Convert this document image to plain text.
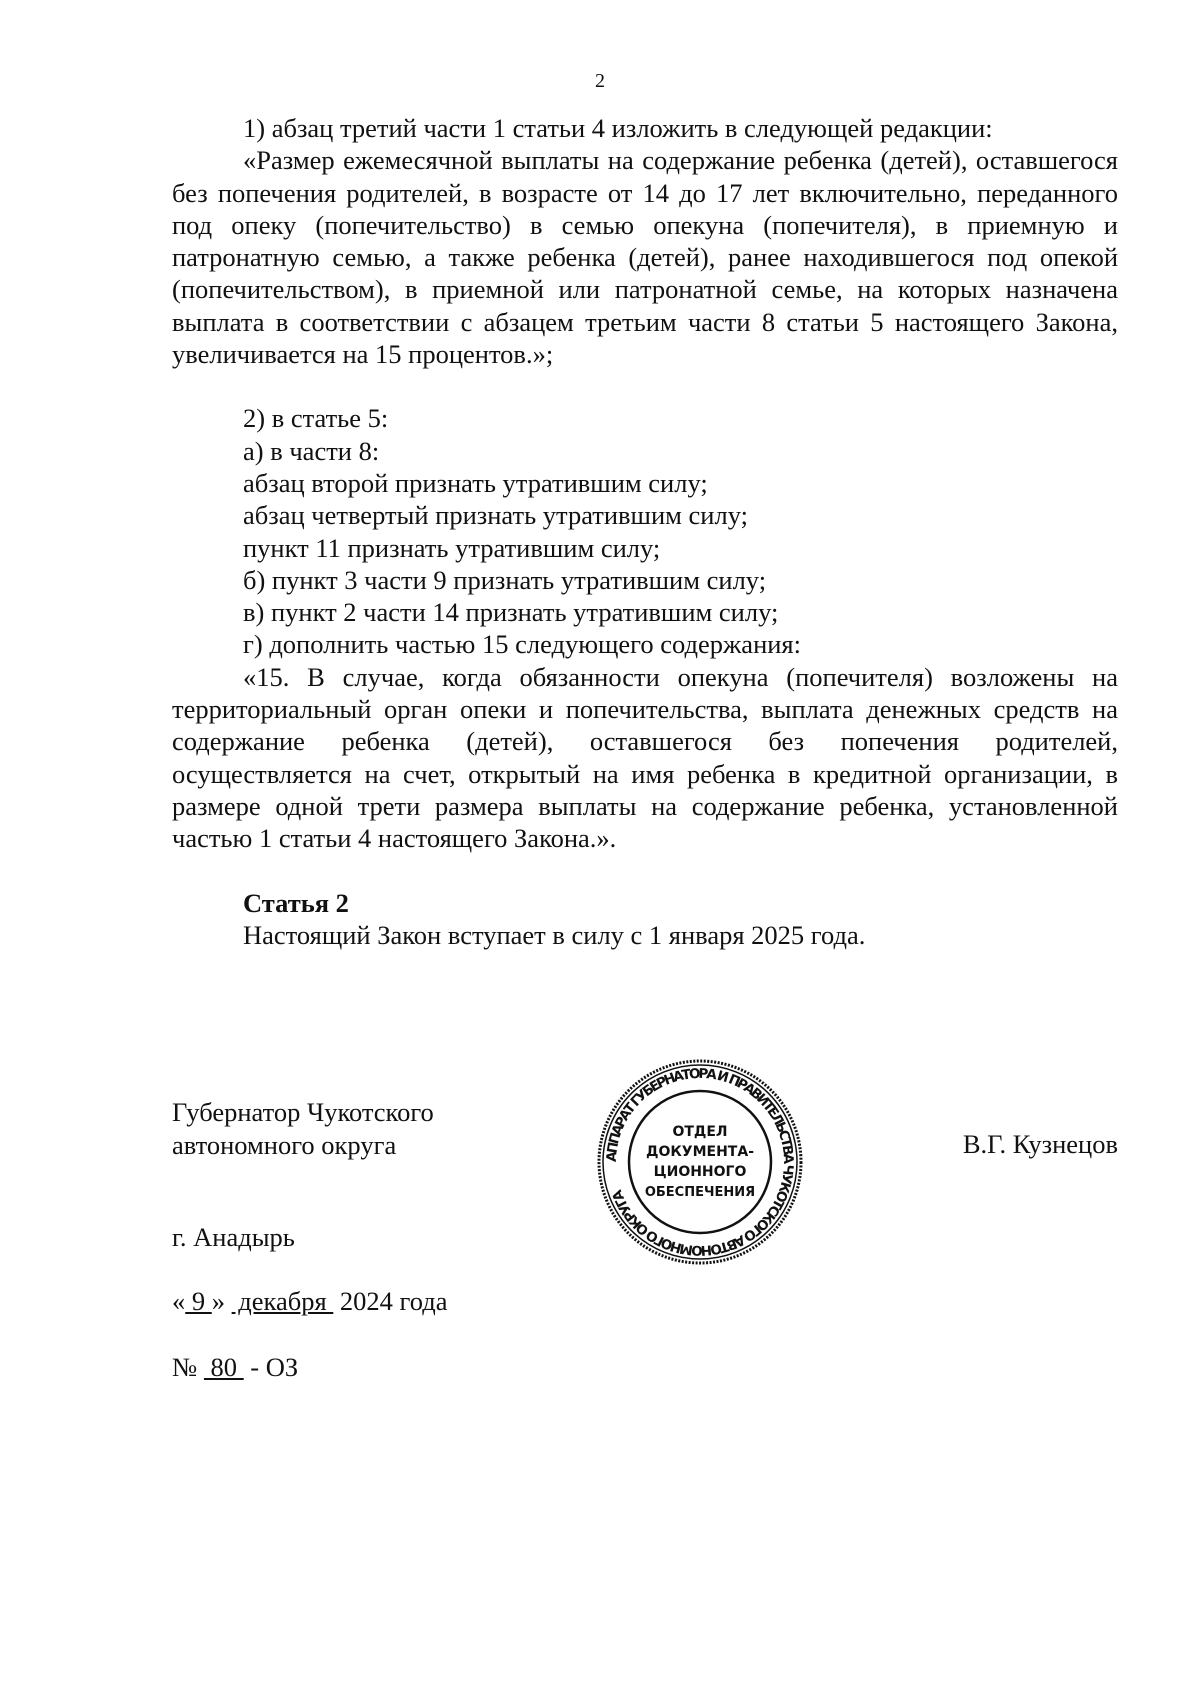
2

1) абзац третий части 1 статьи 4 изложить в следующей редакции:

«Размер ежемесячной выплаты на содержание ребенка (детей), оставшегося без попечения родителей, в возрасте от 14 до 17 лет включительно, переданного под опеку (попечительство) в семью опекуна (попечителя), в приемную и патронатную семью, а также ребенка (детей), ранее находившегося под опекой (попечительством), в приемной или патронатной семье, на которых назначена выплата в соответствии с абзацем третьим части 8 статьи 5 настоящего Закона, увеличивается на 15 процентов.»;

2) в статье 5:

а) в части 8:

абзац второй признать утратившим силу;

абзац четвертый признать утратившим силу;

пункт 11 признать утратившим силу;

б) пункт 3 части 9 признать утратившим силу;

в) пункт 2 части 14 признать утратившим силу;

г) дополнить частью 15 следующего содержания:

«15. В случае, когда обязанности опекуна (попечителя) возложены на территориальный орган опеки и попечительства, выплата денежных средств на содержание ребенка (детей), оставшегося без попечения родителей, осуществляется на счет, открытый на имя ребенка в кредитной организации, в размере одной трети размера выплаты на содержание ребенка, установленной частью 1 статьи 4 настоящего Закона.».

Статья 2

Настоящий Закон вступает в силу с 1 января 2025 года.

Губернатор Чукотского
автономного округа	АППАРАТ ГУБЕРНАТОРА И ПРАВИТЕЛЬСТВА ЧУКОТСКОГО АВТОНОМНОГО ОКРУГА
ОТДЕЛ
ДОКУМЕНТА-
ЦИОННОГО
ОБЕСПЕЧЕНИЯ
В.Г. Кузнецов
г. Анадырь
« 9 »  декабря  2024 года
№  80  - ОЗ
